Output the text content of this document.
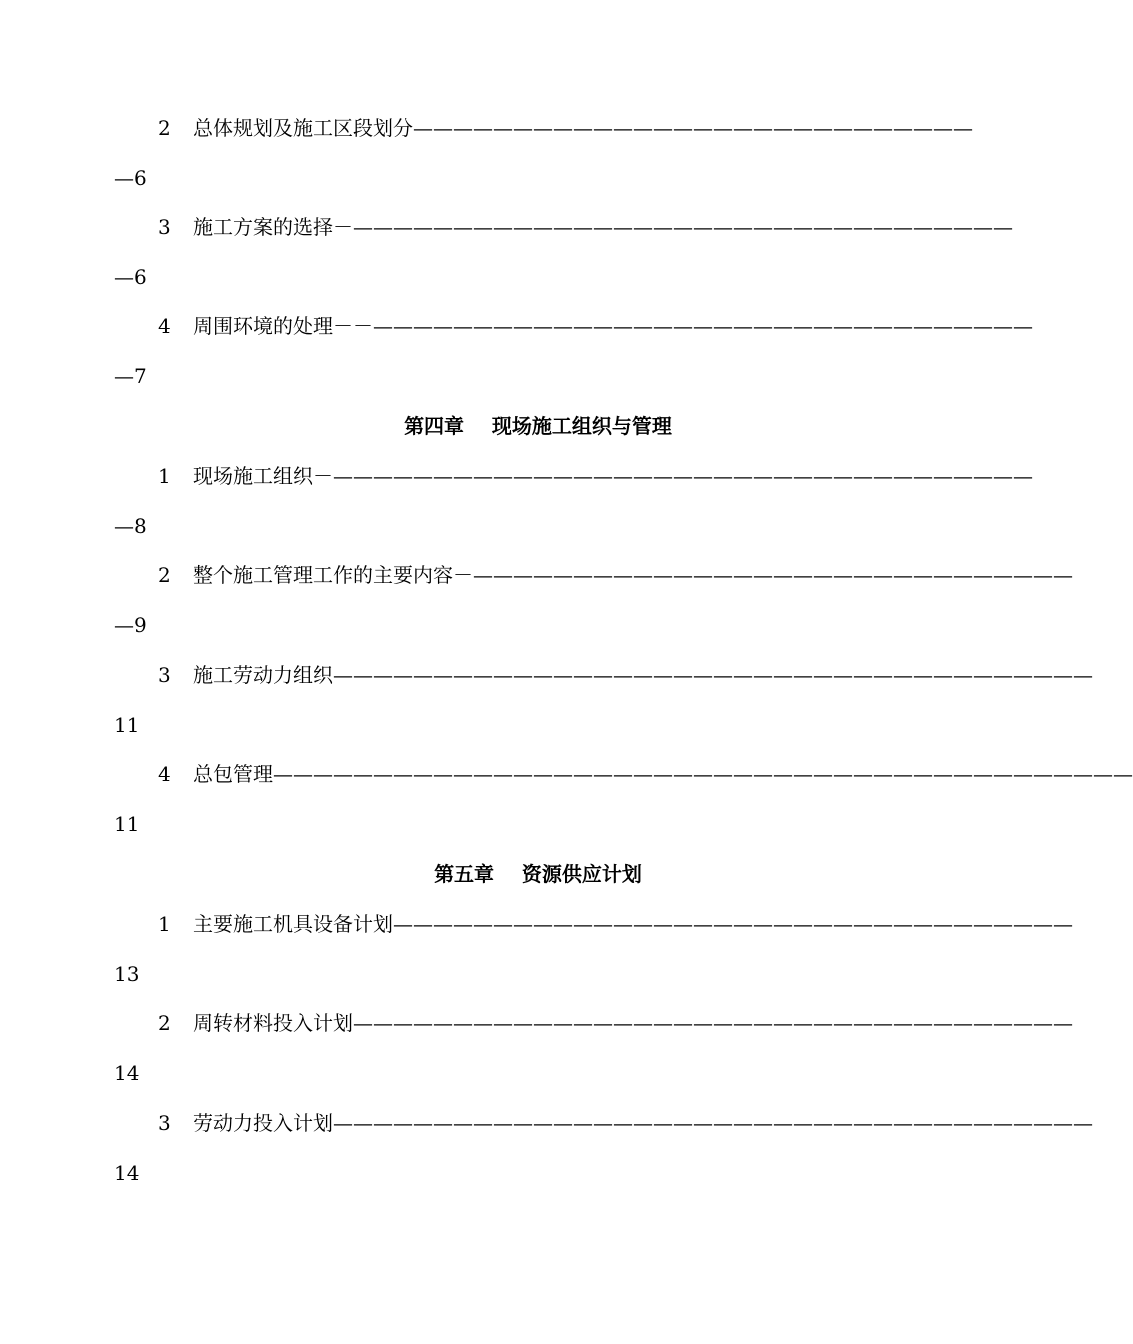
2 总体规划及施工区段划分————————————————————————————
—6
3 施工方案的选择－—————————————————————————————————
—6
4 周围环境的处理－－—————————————————————————————————
—7
第四章 现场施工组织与管理
1 现场施工组织－———————————————————————————————————
—8
2 整个施工管理工作的主要内容－——————————————————————————————
—9
3 施工劳动力组织——————————————————————————————————————
11
4 总包管理———————————————————————————————————————————
11
第五章 资源供应计划
1 主要施工机具设备计划——————————————————————————————————
13
2 周转材料投入计划————————————————————————————————————
14
3 劳动力投入计划——————————————————————————————————————
14
